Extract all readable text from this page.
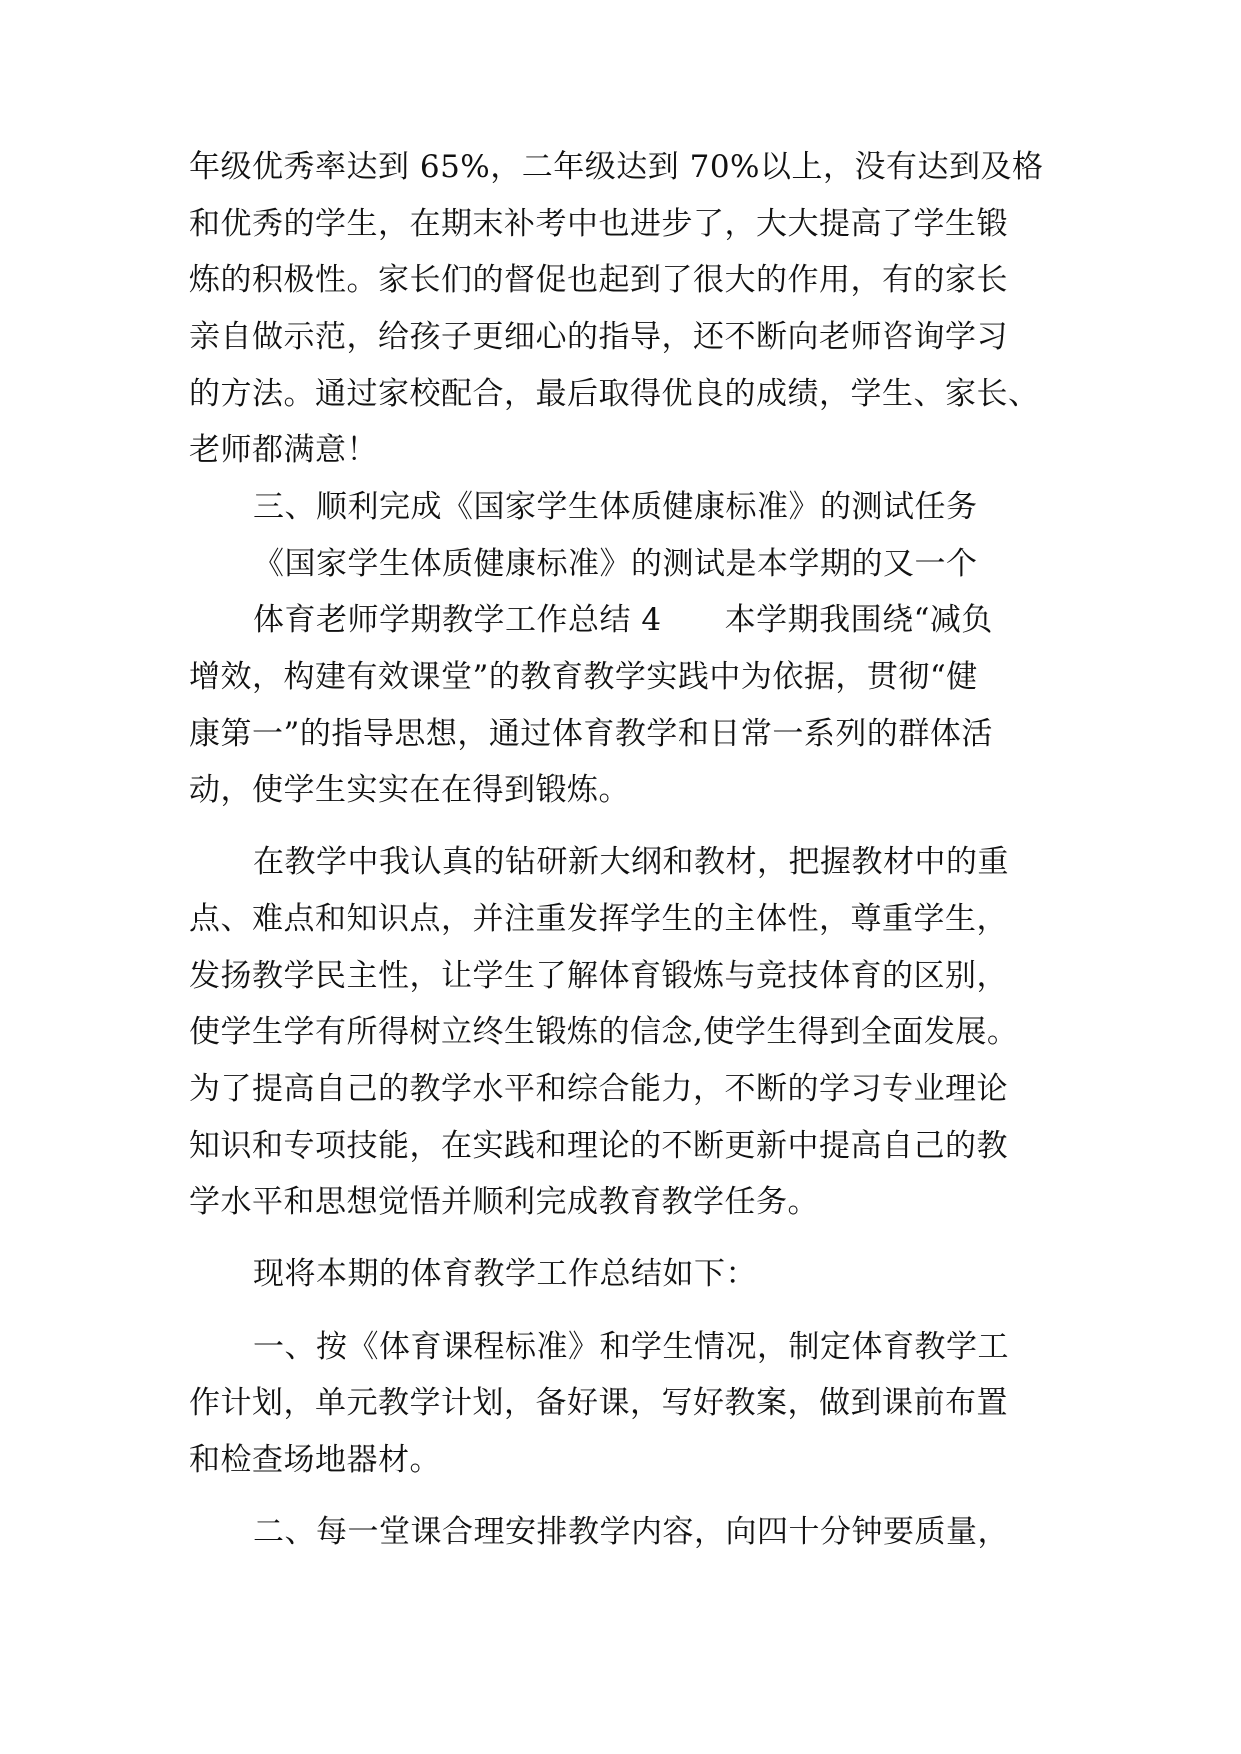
年级优秀率达到 65%，二年级达到 70%以上，没有达到及格
和优秀的学生，在期末补考中也进步了，大大提高了学生锻
炼的积极性。家长们的督促也起到了很大的作用，有的家长
亲自做示范，给孩子更细心的指导，还不断向老师咨询学习
的方法。通过家校配合，最后取得优良的成绩，学生、家长、
老师都满意！
三、顺利完成《国家学生体质健康标准》的测试任务
《国家学生体质健康标准》的测试是本学期的又一个
体育老师学期教学工作总结 4　　本学期我围绕“减负
增效，构建有效课堂”的教育教学实践中为依据，贯彻“健
康第一”的指导思想，通过体育教学和日常一系列的群体活
动，使学生实实在在得到锻炼。
在教学中我认真的钻研新大纲和教材，把握教材中的重
点、难点和知识点，并注重发挥学生的主体性，尊重学生，
发扬教学民主性，让学生了解体育锻炼与竞技体育的区别，
使学生学有所得树立终生锻炼的信念,使学生得到全面发展。
为了提高自己的教学水平和综合能力，不断的学习专业理论
知识和专项技能，在实践和理论的不断更新中提高自己的教
学水平和思想觉悟并顺利完成教育教学任务。
现将本期的体育教学工作总结如下：
一、按《体育课程标准》和学生情况，制定体育教学工
作计划，单元教学计划，备好课，写好教案，做到课前布置
和检查场地器材。
二、每一堂课合理安排教学内容，向四十分钟要质量，
